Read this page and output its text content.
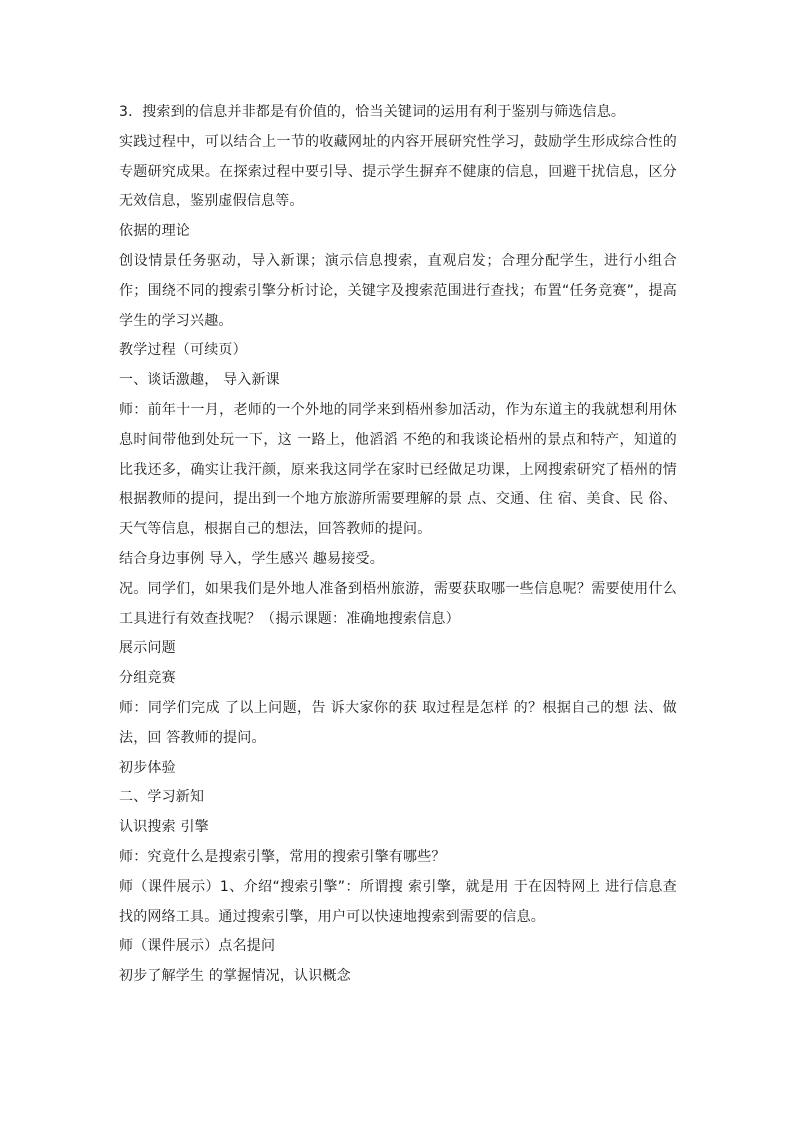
3．搜索到的信息并非都是有价值的，恰当关键词的运用有利于鉴别与筛选信息。

实践过程中，可以结合上一节的收藏网址的内容开展研究性学习，鼓励学生形成综合性的专题研究成果。在探索过程中要引导、提示学生摒弃不健康的信息，回避干扰信息，区分无效信息，鉴别虚假信息等。

依据的理论

创设情景任务驱动，导入新课；演示信息搜索，直观启发；合理分配学生，进行小组合作；围绕不同的搜索引擎分析讨论，关键字及搜索范围进行查找；布置“任务竞赛”，提高学生的学习兴趣。

教学过程（可续页）

一、谈话激趣， 导入新课

师：前年十一月，老师的一个外地的同学来到梧州参加活动，作为东道主的我就想利用休息时间带他到处玩一下，这 一路上，他滔滔 不绝的和我谈论梧州的景点和特产，知道的比我还多，确实让我汗颜，原来我这同学在家时已经做足功课，上网搜索研究了梧州的情 根据教师的提问，提出到一个地方旅游所需要理解的景 点、交通、住 宿、美食、民 俗、天气等信息，根据自己的想法，回答教师的提问。

结合身边事例 导入，学生感兴 趣易接受。

况。同学们，如果我们是外地人准备到梧州旅游，需要获取哪一些信息呢？需要使用什么工具进行有效查找呢？（揭示课题：准确地搜索信息）

展示问题

分组竞赛

师：同学们完成 了以上问题，告 诉大家你的获 取过程是怎样 的？根据自己的想 法、做法，回 答教师的提问。

初步体验

二、学习新知

认识搜索 引擎

师：究竟什么是搜索引擎，常用的搜索引擎有哪些？

师（课件展示）1、介绍“搜索引擎”：所谓搜 索引擎，就是用 于在因特网上 进行信息查找的网络工具。通过搜索引擎，用户可以快速地搜索到需要的信息。

师（课件展示）点名提问

初步了解学生 的掌握情况，认识概念
